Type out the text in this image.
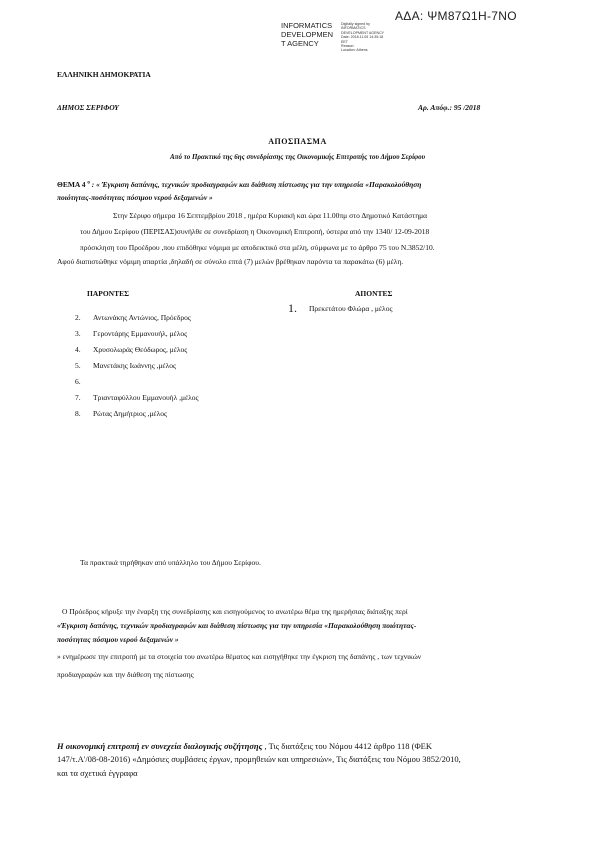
ΑΔΑ: ΨΜ87Ω1Η-7ΝΟ
INFORMATICS
DEVELOPMEN
T AGENCY
Digitally signed by
INFORMATICS
DEVELOPMENT AGENCY
Date: 2018.11.05 14:35:18
EET
Reason:
Location: Athens
ΕΛΛΗΝΙΚΗ ΔΗΜΟΚΡΑΤΙΑ
ΔΗΜΟΣ ΣΕΡΙΦΟΥ	Αρ. Απόφ.: 95 /2018
ΑΠΟΣΠΑΣΜΑ
Από το Πρακτικό της 6ης συνεδρίασης της Οικονομικής Επιτροπής του Δήμου Σερίφου
ΘΕΜΑ 4 $^o$ : « Έγκριση δαπάνης, τεχνικών προδιαγραφών και διάθεση πίστωσης για την υπηρεσία «Παρακολούθηση
ποιότητας-ποσότητας πόσιμου νερού δεξαμενών »
Στην Σέριφο σήμερα 16 Σεπτεμβρίου 2018 , ημέρα Κυριακή και ώρα 11.00πμ στο Δημοτικό Κατάστημα
του Δήμου Σερίφου (ΠΕΡΙΣΑΣ)συνήλθε σε συνεδρίαση η Οικονομική Επιτροπή, ύστερα από την 1340/ 12-09-2018
πρόσκληση του Προέδρου ,που επιδόθηκε νόμιμα με αποδεικτικό στα μέλη, σύμφωνα με το άρθρο 75 του Ν.3852/10.
Αφού διαπιστώθηκε νόμιμη απαρτία ,δηλαδή σε σύνολο επτά (7) μελών βρέθηκαν παρόντα τα παρακάτω (6) μέλη.
ΠΑΡΟΝΤΕΣ	ΑΠΟΝΤΕΣ
1. Πρεκετάτου Φλώρα , μέλος
2. Αντωνάκης Αντώνιος, Πρόεδρος
3. Γεροντάρης Εμμανουήλ, μέλος
4. Χρυσολωράς Θεόδωρος, μέλος
5. Μανετάκης Ιωάννης ,μέλος
6.
7. Τριανταφύλλου Εμμανουήλ ,μέλος
8. Ρώτας Δημήτριος ,μέλος
Τα πρακτικά τηρήθηκαν από υπάλληλο του Δήμου Σερίφου.
Ο Πρόεδρος κήρυξε την έναρξη της συνεδρίασης και εισηγούμενος το ανωτέρω θέμα της ημερήσιας διάταξης περί
«Έγκριση δαπάνης, τεχνικών προδιαγραφών και διάθεση πίστωσης για την υπηρεσία «Παρακολούθηση ποιότητας-
ποσότητας πόσιμου νερού δεξαμενών »
» ενημέρωσε την επιτροπή με τα στοιχεία του ανωτέρω θέματος και εισηγήθηκε την έγκριση της δαπάνης , των τεχνικών
προδιαγραφών και την διάθεση της πίστωσης
Η οικονομική επιτροπή εν συνεχεία διαλογικής συζήτησης , Τις διατάξεις του Νόμου 4412 άρθρο 118 (ΦΕΚ
147/τ.Α'/08-08-2016) «Δημόσιες συμβάσεις έργων, προμηθειών και υπηρεσιών», Τις διατάξεις του Νόμου 3852/2010,
και τα σχετικά έγγραφα
